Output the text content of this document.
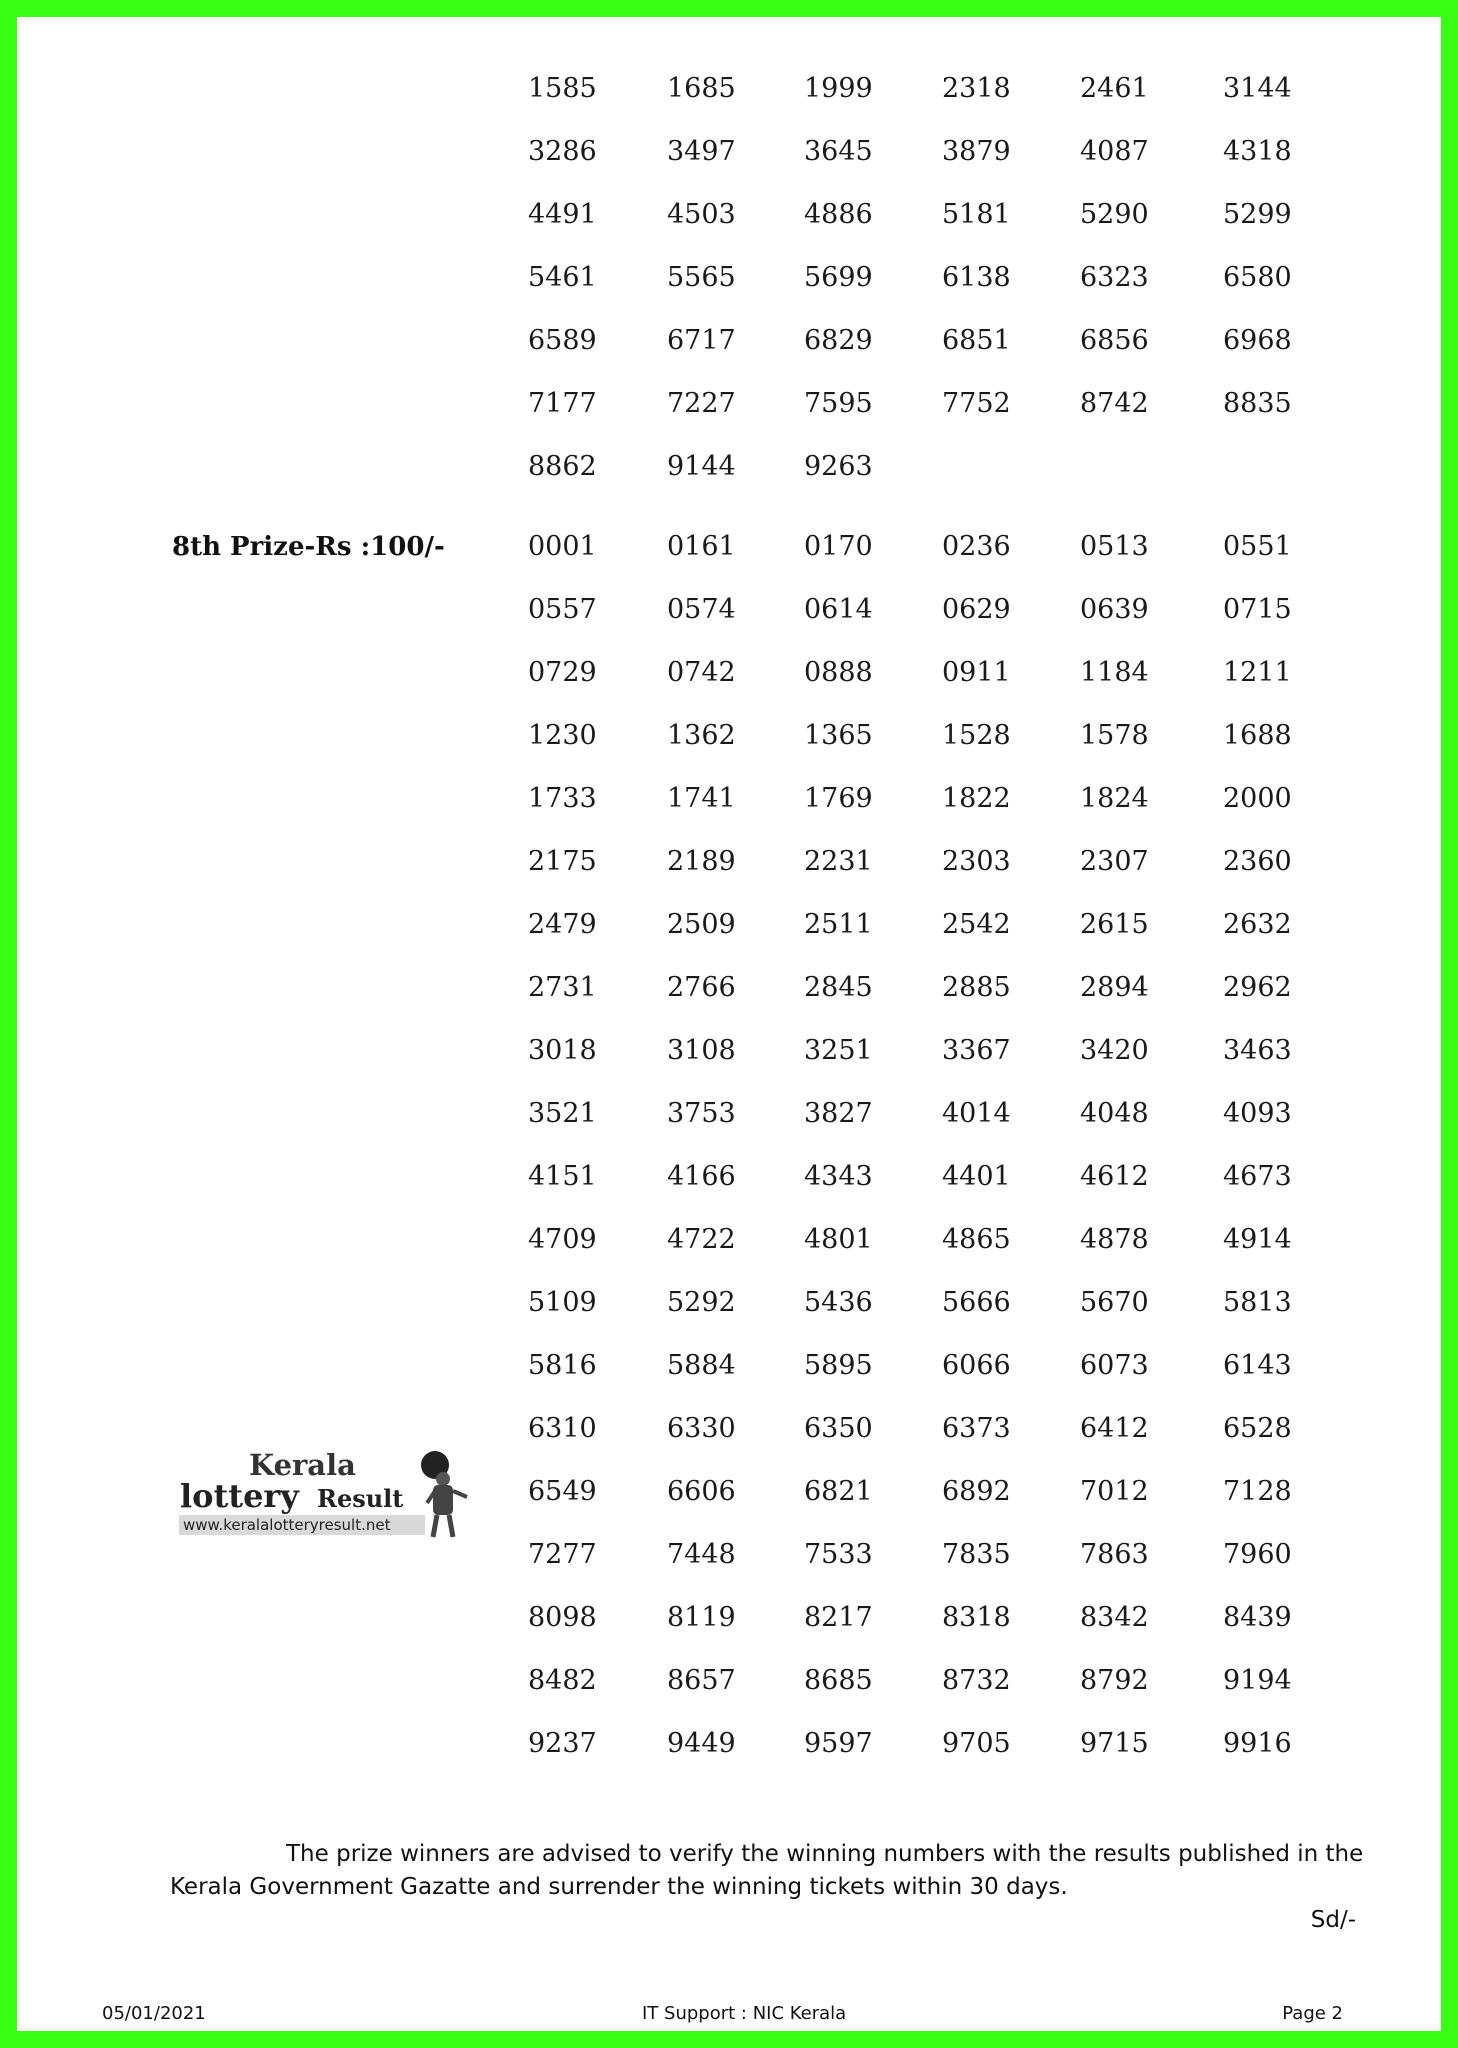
1585	1685	1999	2318	2461	3144
3286	3497	3645	3879	4087	4318
4491	4503	4886	5181	5290	5299
5461	5565	5699	6138	6323	6580
6589	6717	6829	6851	6856	6968
7177	7227	7595	7752	8742	8835
8862	9144	9263
0001	0161	0170	0236	0513	0551
0557	0574	0614	0629	0639	0715
0729	0742	0888	0911	1184	1211
1230	1362	1365	1528	1578	1688
1733	1741	1769	1822	1824	2000
2175	2189	2231	2303	2307	2360
2479	2509	2511	2542	2615	2632
2731	2766	2845	2885	2894	2962
3018	3108	3251	3367	3420	3463
3521	3753	3827	4014	4048	4093
4151	4166	4343	4401	4612	4673
4709	4722	4801	4865	4878	4914
5109	5292	5436	5666	5670	5813
5816	5884	5895	6066	6073	6143
6310	6330	6350	6373	6412	6528
6549	6606	6821	6892	7012	7128
7277	7448	7533	7835	7863	7960
8098	8119	8217	8318	8342	8439
8482	8657	8685	8732	8792	9194
9237	9449	9597	9705	9715	9916
8th Prize-Rs :100/-
Kerala
lottery Result
www.keralalotteryresult.net

The prize winners are advised to verify the winning numbers with the results published in the Kerala Government Gazatte and surrender the winning tickets within 30 days.

Sd/-
05/01/2021	IT Support : NIC Kerala	Page 2
